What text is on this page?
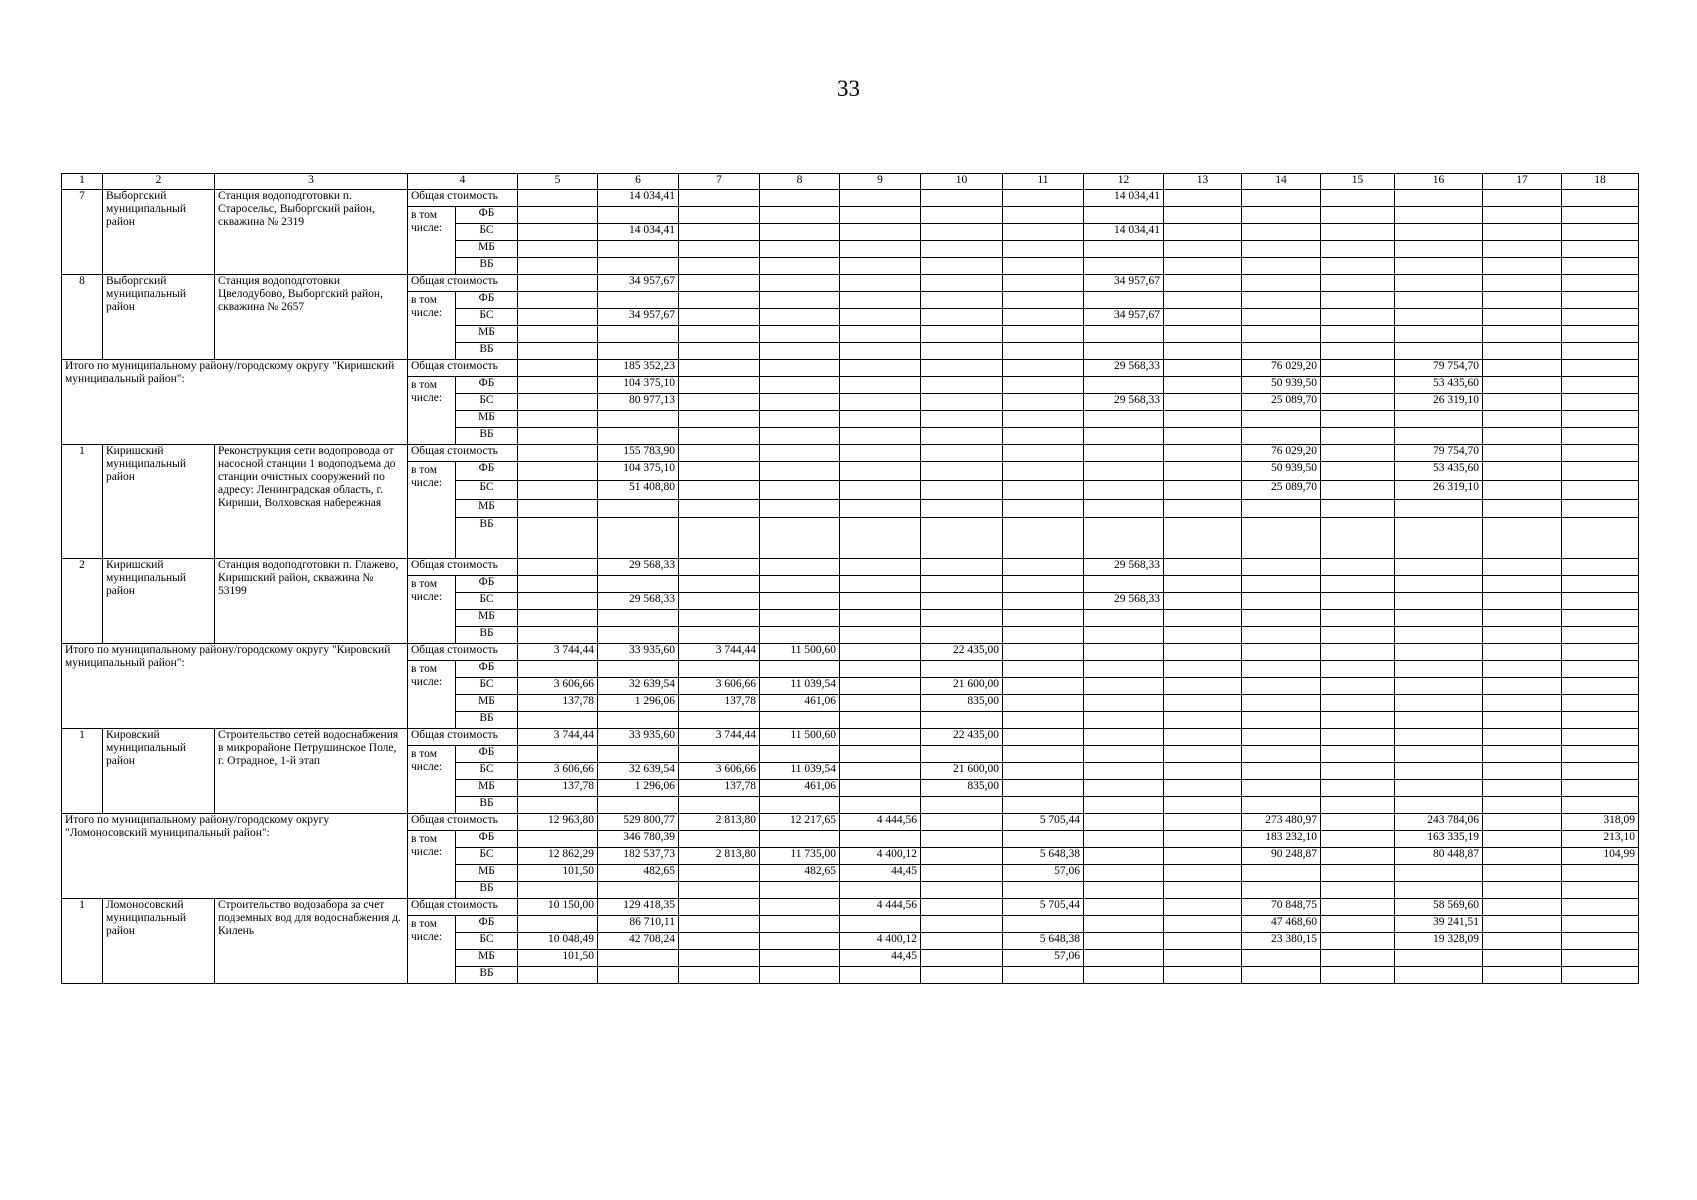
33
1	2	3	4		5	6	7	8	9	10	11	12	13	14	15	16	17	18
7	Выборгский муниципальный район	Станция водоподготовки п. Старосельс, Выборгский район, скважина № 2319	Общая стоимость			14 034,41						14 034,41						
			в том числе:	ФБ														
				БС		14 034,41						14 034,41						
				МБ														
				ВБ														
8	Выборгский муниципальный район	Станция водоподготовки Цвелодубово, Выборгский район, скважина № 2657	Общая стоимость			34 957,67						34 957,67						
			в том числе:	ФБ														
				БС		34 957,67						34 957,67						
				МБ														
				ВБ														
Итого по муниципальному району/городскому округу "Киришский муниципальный район":			Общая стоимость			185 352,23						29 568,33		76 029,20		79 754,70		
			в том числе:	ФБ		104 375,10								50 939,50		53 435,60		
				БС		80 977,13						29 568,33		25 089,70		26 319,10		
				МБ														
				ВБ														
1	Киришский муниципальный район	Реконструкция сети водопровода от насосной станции 1 водоподъема до станции очистных сооружений по адресу: Ленинградская область, г. Кириши, Волховская набережная	Общая стоимость			155 783,90								76 029,20		79 754,70		
			в том числе:	ФБ		104 375,10								50 939,50		53 435,60		
				БС		51 408,80								25 089,70		26 319,10		
				МБ														
				ВБ														
2	Киришский муниципальный район	Станция водоподготовки п. Глажево, Киришский район, скважина № 53199	Общая стоимость			29 568,33						29 568,33						
			в том числе:	ФБ														
				БС		29 568,33						29 568,33						
				МБ														
				ВБ														
Итого по муниципальному району/городскому округу "Кировский муниципальный район":			Общая стоимость		3 744,44	33 935,60	3 744,44	11 500,60		22 435,00								
			в том числе:	ФБ														
				БС	3 606,66	32 639,54	3 606,66	11 039,54		21 600,00								
				МБ	137,78	1 296,06	137,78	461,06		835,00								
				ВБ														
1	Кировский муниципальный район	Строительство сетей водоснабжения в микрорайоне Петрушинское Поле, г. Отрадное, 1-й этап	Общая стоимость		3 744,44	33 935,60	3 744,44	11 500,60		22 435,00								
			в том числе:	ФБ														
				БС	3 606,66	32 639,54	3 606,66	11 039,54		21 600,00								
				МБ	137,78	1 296,06	137,78	461,06		835,00								
				ВБ														
Итого по муниципальному району/городскому округу "Ломоносовский муниципальный район":			Общая стоимость		12 963,80	529 800,77	2 813,80	12 217,65	4 444,56		5 705,44			273 480,97		243 784,06		318,09
			в том числе:	ФБ		346 780,39								183 232,10		163 335,19		213,10
				БС	12 862,29	182 537,73	2 813,80	11 735,00	4 400,12		5 648,38			90 248,87		80 448,87		104,99
				МБ	101,50	482,65		482,65	44,45		57,06							
				ВБ														
1	Ломоносовский муниципальный район	Строительство водозабора за счет подземных вод для водоснабжения д. Килень	Общая стоимость		10 150,00	129 418,35			4 444,56		5 705,44			70 848,75		58 569,60		
			в том числе:	ФБ		86 710,11								47 468,60		39 241,51		
				БС	10 048,49	42 708,24			4 400,12		5 648,38			23 380,15		19 328,09		
				МБ	101,50				44,45		57,06							
				ВБ														
